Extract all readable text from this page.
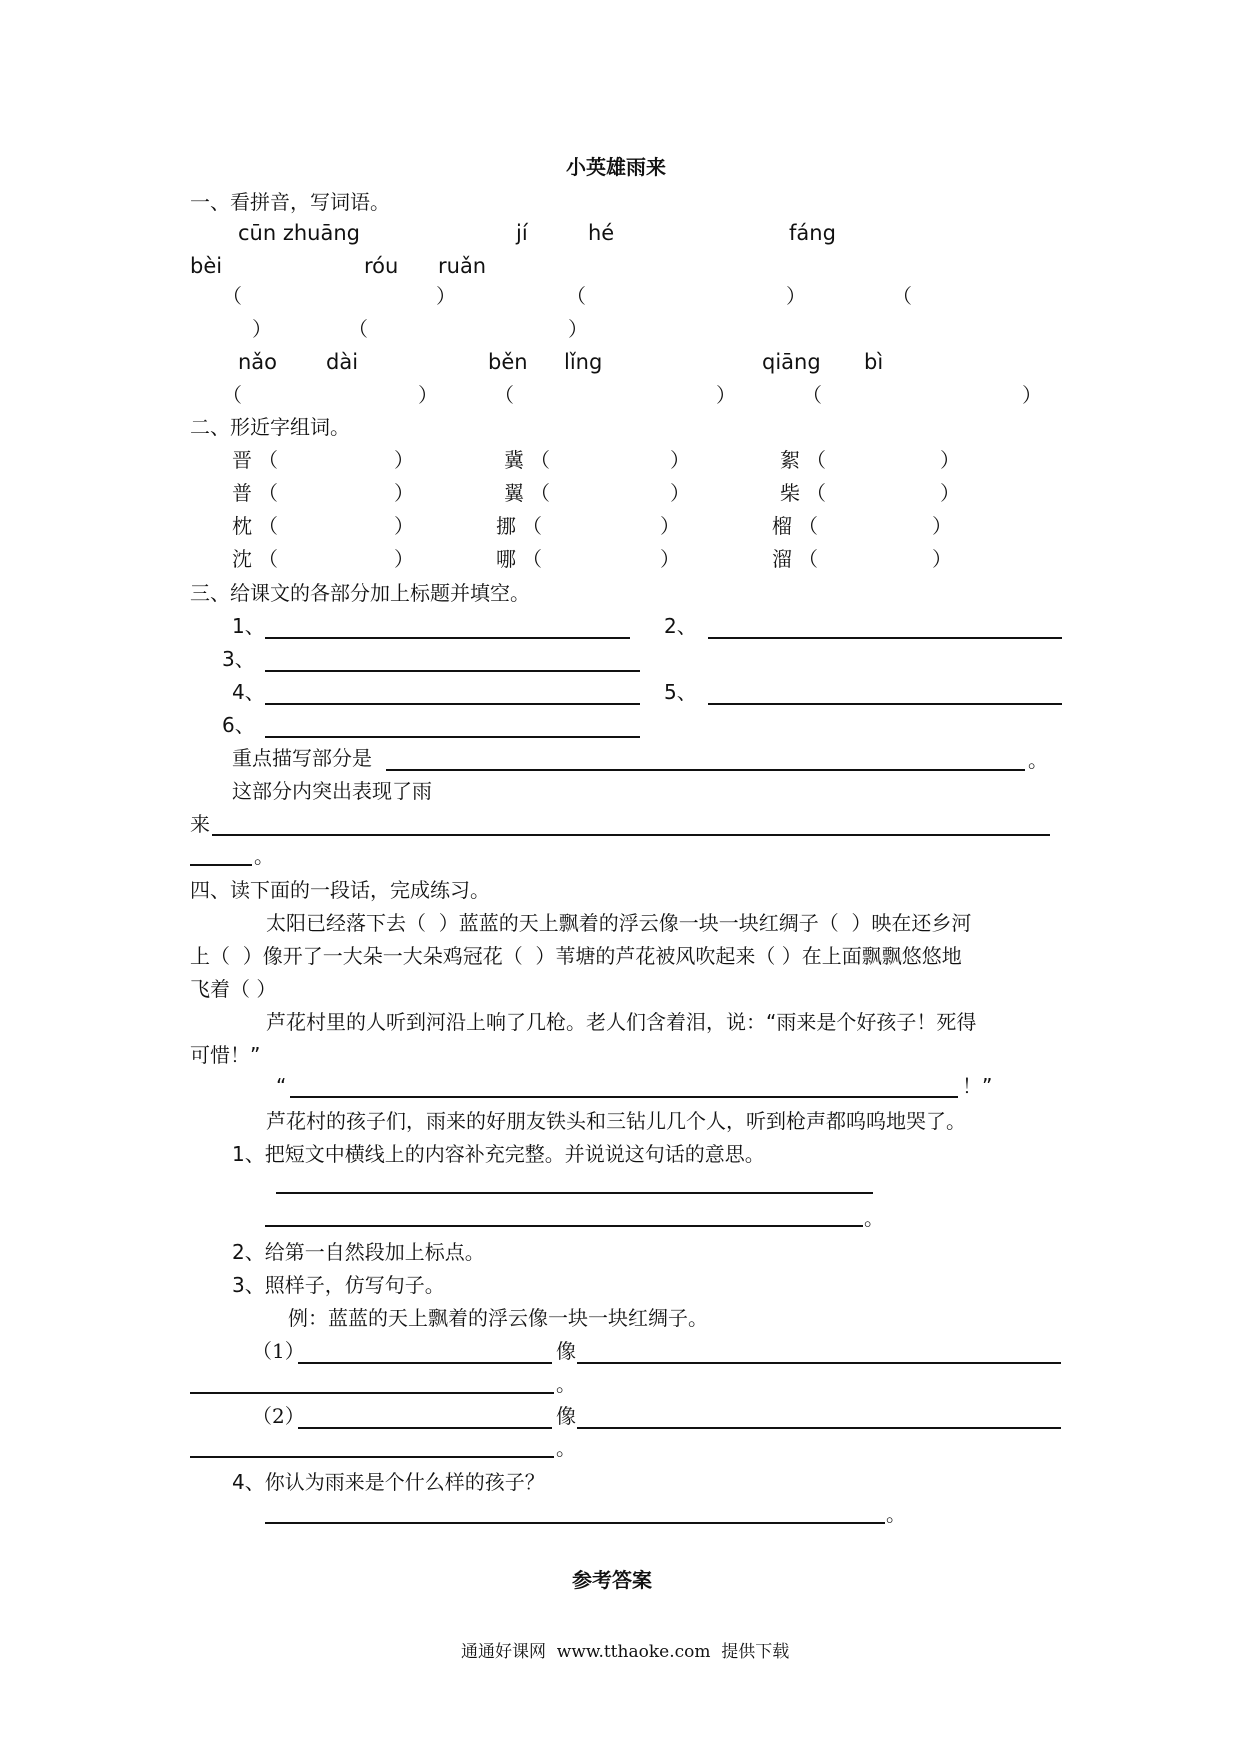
小英雄雨来
一、看拼音，写词语。
cūn zhuāng	jí	hé	fáng
bèi	róu ruǎn
（	）	（	）	（
）	（	）
nǎo dài	běn lǐng	qiāng bì
（	）	（	）	（	）
二、形近字组词。
晋 （	）	冀 （	）	絮 （	）
普 （	）	翼 （	）	柴 （	）
枕 （	）	挪 （	）	榴 （	）
沈 （	）	哪 （	）	溜 （	）
三、给课文的各部分加上标题并填空。
1、	2、
3、
4、	5、
6、
重点描写部分是	。
这部分内突出表现了雨
来
。
四、读下面的一段话，完成练习。
太阳已经落下去（  ）蓝蓝的天上飘着的浮云像一块一块红绸子（  ）映在还乡河
上（  ）像开了一大朵一大朵鸡冠花（  ）苇塘的芦花被风吹起来（ ）在上面飘飘悠悠地
飞着（ ）
芦花村里的人听到河沿上响了几枪。老人们含着泪，说：“雨来是个好孩子！死得
可惜！”
“	！”
芦花村的孩子们，雨来的好朋友铁头和三钻儿几个人，听到枪声都呜呜地哭了。
1、把短文中横线上的内容补充完整。并说说这句话的意思。
。
2、给第一自然段加上标点。
3、照样子，仿写句子。
例：蓝蓝的天上飘着的浮云像一块一块红绸子。
（1）	像
。
（2）	像
。
4、你认为雨来是个什么样的孩子？
。
参考答案
通通好课网  www.tthaoke.com  提供下载
